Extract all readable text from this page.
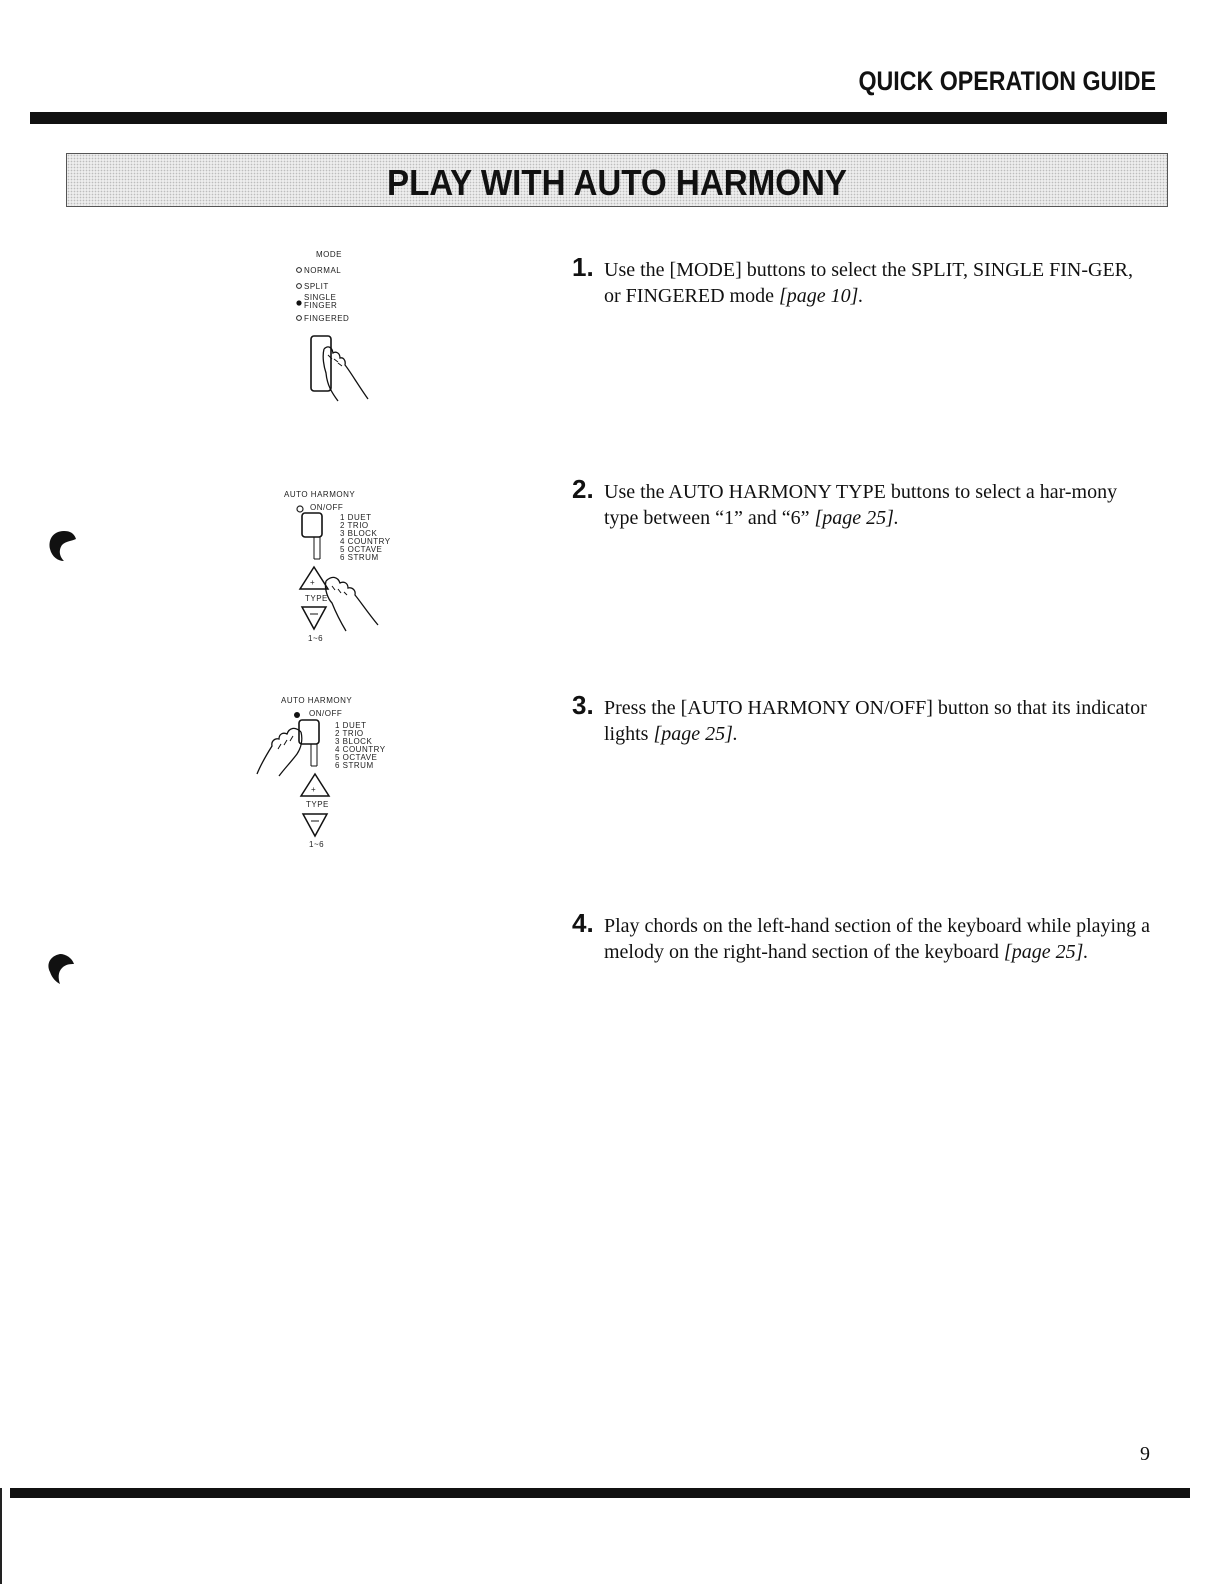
QUICK OPERATION GUIDE
PLAY WITH AUTO HARMONY
MODE
NORMAL
SPLIT
SINGLE
FINGER
FINGERED
AUTO HARMONY
ON/OFF
1 DUET
2 TRIO
3 BLOCK
4 COUNTRY
5 OCTAVE
6 STRUM
+
TYPE
1~6
AUTO HARMONY
ON/OFF
1 DUET
2 TRIO
3 BLOCK
4 COUNTRY
5 OCTAVE
6 STRUM
+
TYPE
1~6
1. Use the [MODE] buttons to select the SPLIT, SINGLE FIN-GER, or FINGERED mode [page 10].
2. Use the AUTO HARMONY TYPE buttons to select a har-mony type between “1” and “6” [page 25].
3. Press the [AUTO HARMONY ON/OFF] button so that its indicator lights [page 25].
4. Play chords on the left-hand section of the keyboard while playing a melody on the right-hand section of the keyboard [page 25].
9
